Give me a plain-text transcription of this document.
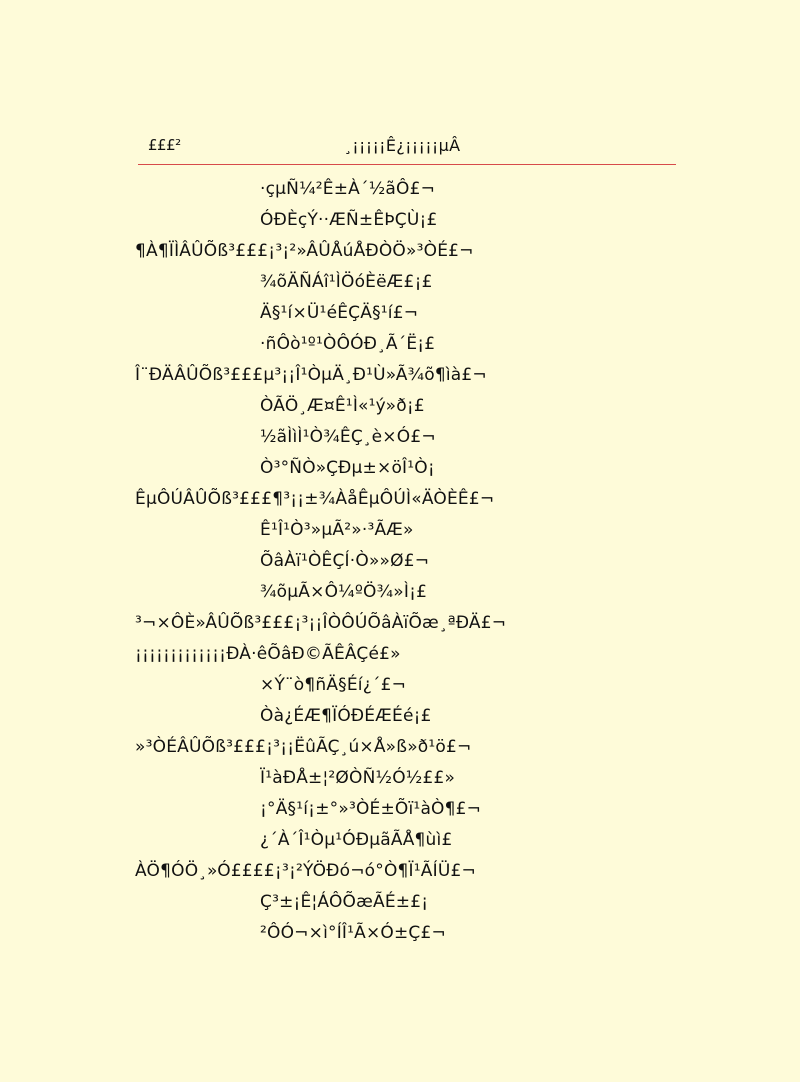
£££²	¸¡¡¡¡¡Ê¿¡¡¡¡¡µÂ
·çµÑ¼²Ê±À´½ãÔ£¬
ÓÐÈçÝ··ÆÑ±ÊÞÇÙ¡£
¶À¶ÏÌÂÛÕß³£££¡³¡²»ÂÛÅúÅÐÒÖ»³ÒÉ£¬
¾õÄÑÁî¹ÌÖóÈëÆ£¡£
Ä§¹í×Ü¹éÊÇÄ§¹í£¬
·ñÔò¹º¹ÒÔÓÐ¸Ã´Ë¡£
Î¨ÐÄÂÛÕß³£££µ³¡¡Î¹ÒµÄ¸Ð¹Ù»Ã¾õ¶ìà£¬
ÒÃÖ¸Æ¤Ê¹Ì«¹ý»ð¡£
½ãÌìÌ¹Ò¾ÊÇ¸è×Ó£¬
Ò³°ÑÒ»ÇÐµ±×öÎ¹Ò¡
ÊµÔÚÂÛÕß³£££¶³¡¡±¾ÀåÊµÔÚÌ«ÄÒÈÊ£¬
Ê¹Î¹Ò³»µÃ²»·³ÃÆ»
ÕâÀï¹ÒÊÇÍ·Ò»»Ø£¬
¾õµÃ×Ô¼ºÖ¾»Ì¡£
³¬×ÔÈ»ÂÛÕß³£££¡³¡¡ÎÒÔÚÕâÀïÕæ¸ªÐÄ£¬
¡¡¡¡¡¡¡¡¡¡¡¡¡ÐÀ·êÕâÐ©ÃÊÂÇé£»
×Ý¨ò¶ñÄ§Éí¿´£¬
Òà¿ÉÆ¶ÏÓÐÉÆÉé¡£
»³ÒÉÂÛÕß³£££¡³¡¡ËûÃÇ¸ú×Å»ß»ð¹ö£¬
Ï¹àÐÅ±¦²ØÒÑ½Ó½££»
¡°Ä§¹í¡±°»³ÒÉ±Õï¹àÒ¶£¬
¿´À´Î¹Òµ¹ÓÐµãÃÅ¶ùì£
ÀÖ¶ÓÖ¸»Ó££££¡³¡²ÝÖÐó¬ó°Ò¶Ï¹ÃÍÜ£¬
Ç³±¡Ê¦ÁÔÕæÃÉ±£¡
²ÔÓ¬×ì°ÍÎ¹Ã×Ó±Ç£¬
